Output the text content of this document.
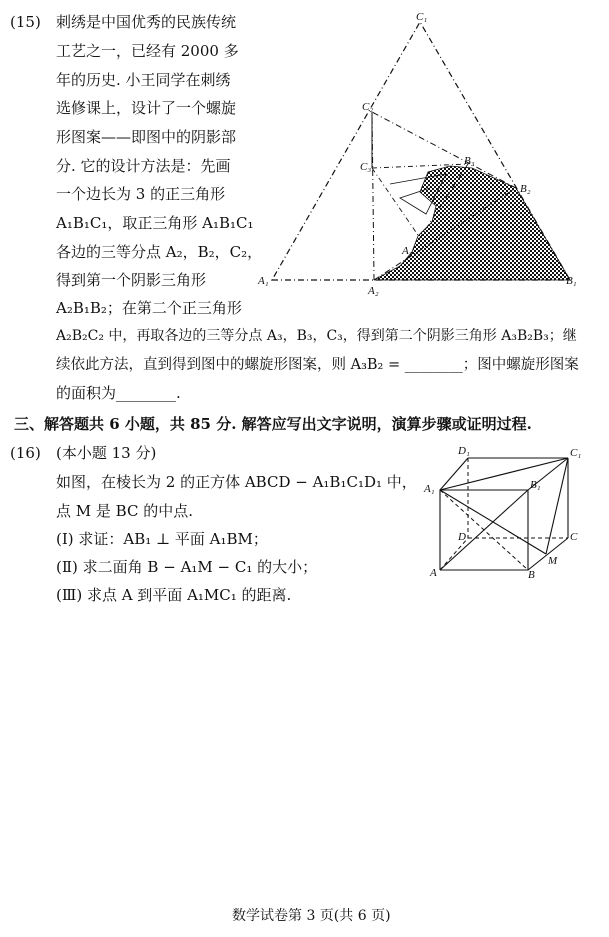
(15) 刺绣是中国优秀的民族传统
工艺之一，已经有 2000 多
年的历史. 小王同学在刺绣
选修课上，设计了一个螺旋
形图案——即图中的阴影部
分. 它的设计方法是：先画
一个边长为 3 的正三角形
A₁B₁C₁，取正三角形 A₁B₁C₁
各边的三等分点 A₂，B₂，C₂，
得到第一个阴影三角形
A₂B₁B₂；在第二个正三角形
A₂B₂C₂ 中，再取各边的三等分点 A₃，B₃，C₃，得到第二个阴影三角形 A₃B₂B₃；继
续依此方法，直到得到图中的螺旋形图案，则 A₃B₂ = ________；图中螺旋形图案
的面积为________.
C₁
C₂
C₃
A₁
A₂
A₃
B₁
B₂
B₃
三、解答题共 6 小题，共 85 分. 解答应写出文字说明，演算步骤或证明过程.
(16) (本小题 13 分)
如图，在棱长为 2 的正方体 ABCD − A₁B₁C₁D₁ 中，
点 M 是 BC 的中点.
(Ⅰ) 求证：AB₁ ⊥ 平面 A₁BM；
(Ⅱ) 求二面角 B − A₁M − C₁ 的大小；
(Ⅲ) 求点 A 到平面 A₁MC₁ 的距离.
D₁	C₁
A₁	B₁
D	C
A	B
M
数学试卷第 3 页(共 6 页)
